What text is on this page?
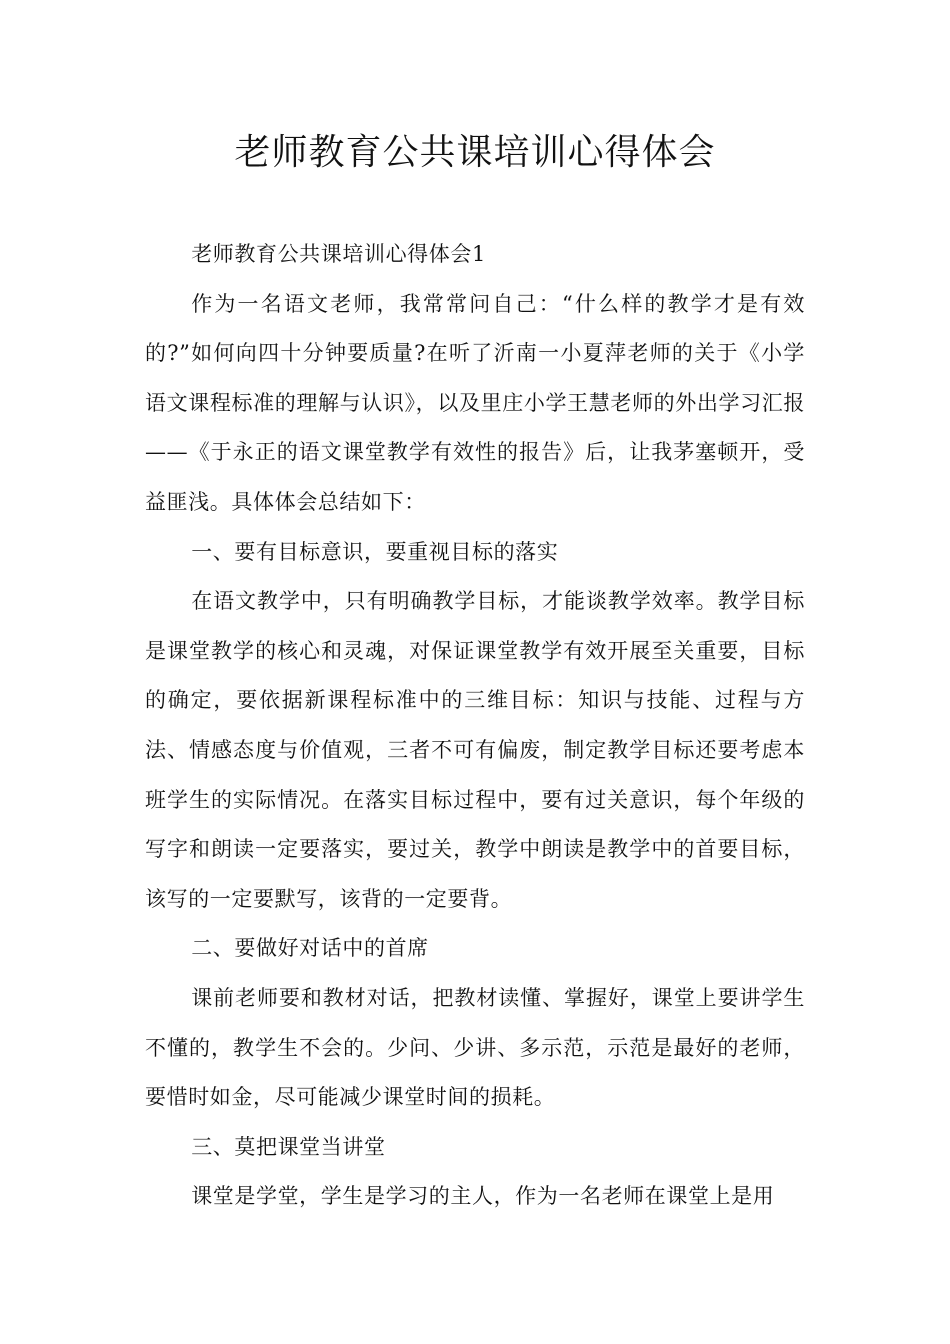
老师教育公共课培训心得体会

老师教育公共课培训心得体会1

作为一名语文老师，我常常问自己：“什么样的教学才是有效的?”如何向四十分钟要质量?在听了沂南一小夏萍老师的关于《小学语文课程标准的理解与认识》，以及里庄小学王慧老师的外出学习汇报——《于永正的语文课堂教学有效性的报告》后，让我茅塞顿开，受益匪浅。具体体会总结如下：

一、要有目标意识，要重视目标的落实

在语文教学中，只有明确教学目标，才能谈教学效率。教学目标是课堂教学的核心和灵魂，对保证课堂教学有效开展至关重要，目标的确定，要依据新课程标准中的三维目标：知识与技能、过程与方法、情感态度与价值观，三者不可有偏废，制定教学目标还要考虑本班学生的实际情况。在落实目标过程中，要有过关意识，每个年级的写字和朗读一定要落实，要过关，教学中朗读是教学中的首要目标，该写的一定要默写，该背的一定要背。

二、要做好对话中的首席

课前老师要和教材对话，把教材读懂、掌握好，课堂上要讲学生不懂的，教学生不会的。少问、少讲、多示范，示范是最好的老师，要惜时如金，尽可能减少课堂时间的损耗。

三、莫把课堂当讲堂

课堂是学堂，学生是学习的主人，作为一名老师在课堂上是用
